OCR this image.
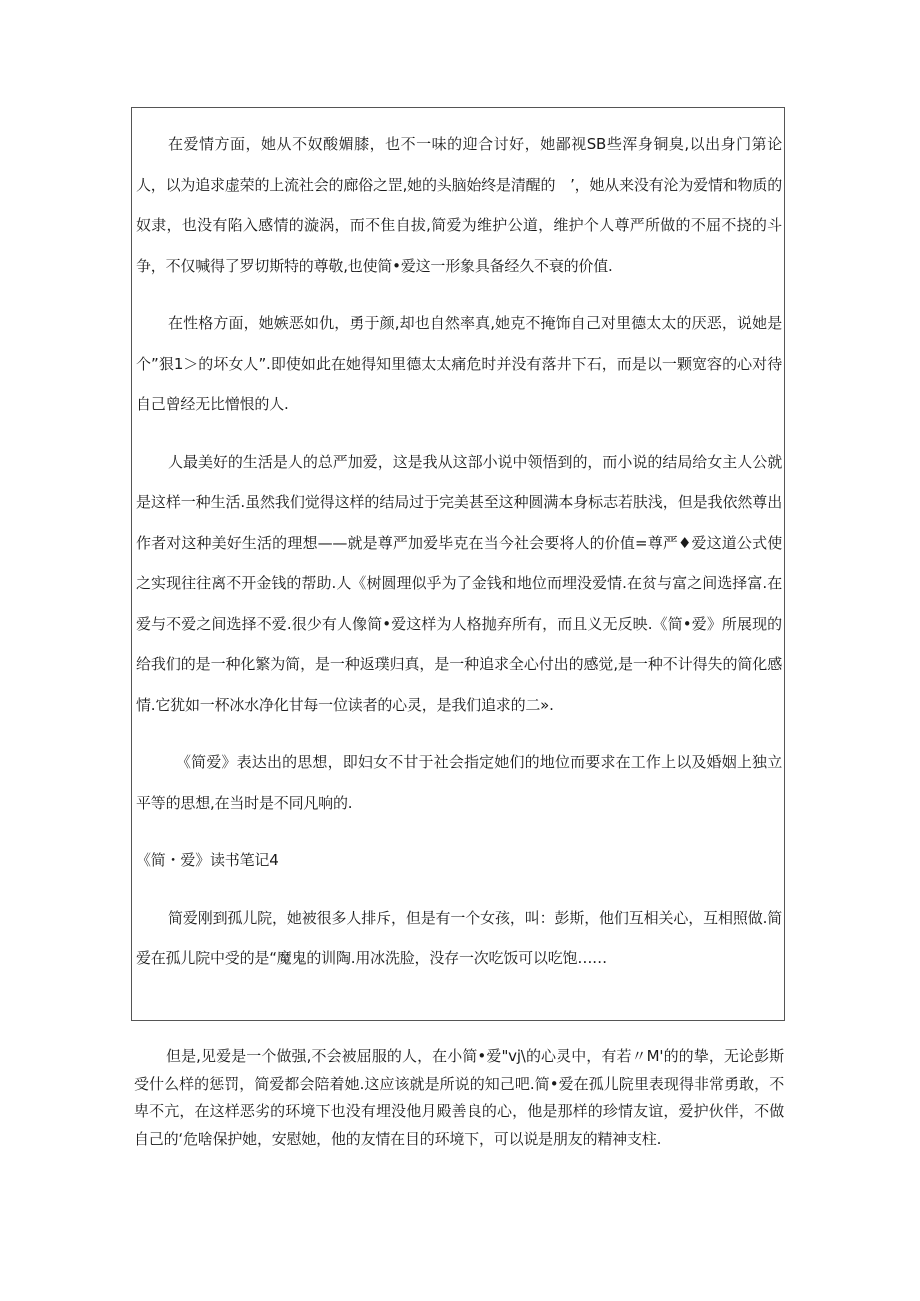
在爱情方面，她从不奴酸媚膝，也不一味的迎合讨好，她鄙视SB些浑身铜臭,以出身门第论人，以为追求虚荣的上流社会的廊俗之罡,她的头脑始终是清醒的　’，她从来没有沦为爱情和物质的奴隶，也没有陷入感情的漩涡，而不隹自拔,简爱为维护公道，维护个人尊严所做的不屈不挠的斗争，不仅喊得了罗切斯特的尊敬,也使简•爱这一形象具备经久不衰的价值.

在性格方面，她嫉恶如仇，勇于颜,却也自然率真,她克不掩饰自己对里德太太的厌恶，说她是个”狠1＞的坏女人”.即使如此在她得知里德太太痛危时并没有落井下石，而是以一颗宽容的心对待自己曾经无比憎恨的人.

人最美好的生活是人的总严加爱，这是我从这部小说中领悟到的，而小说的结局给女主人公就是这样一种生活.虽然我们觉得这样的结局过于完美甚至这种圆满本身标志若肤浅，但是我依然尊出作者对这种美好生活的理想——就是尊严加爱毕克在当今社会要将人的价值=尊严♦爱这道公式使之实现往往离不开金钱的帮助.人《树圆理似乎为了金钱和地位而埋没爱情.在贫与富之间选择富.在爱与不爱之间选择不爱.很少有人像简•爱这样为人格抛弃所有，而且义无反映.《简•爱》所展现的给我们的是一种化繁为简，是一种返璞归真，是一种追求全心付出的感觉,是一种不计得失的简化感情.它犹如一杯冰水净化甘每一位读者的心灵，是我们追求的二».

《简爱》表达出的思想，即妇女不甘于社会指定她们的地位而要求在工作上以及婚姻上独立平等的思想,在当时是不同凡响的.

《简・爱》读书笔记4

简爱刚到孤儿院，她被很多人排斥，但是有一个女孩，叫：彭斯，他们互相关心，互相照做.简爱在孤儿院中受的是“魔鬼的训陶.用冰洗脸，没存一次吃饭可以吃饱……

但是,见爱是一个做强,不会被屈服的人，在小简•爱"vj\的心灵中，有若〃M'的的挚，无论彭斯受什么样的惩罚，简爱都会陪着她.这应该就是所说的知己吧.简•爱在孤儿院里表现得非常勇敢，不卑不亢，在这样恶劣的环境下也没有埋没他月殿善良的心，他是那样的珍情友谊，爱护伙伴，不做自己的‘危啥保护她，安慰她，他的友情在目的环境下，可以说是朋友的精神支柱.
